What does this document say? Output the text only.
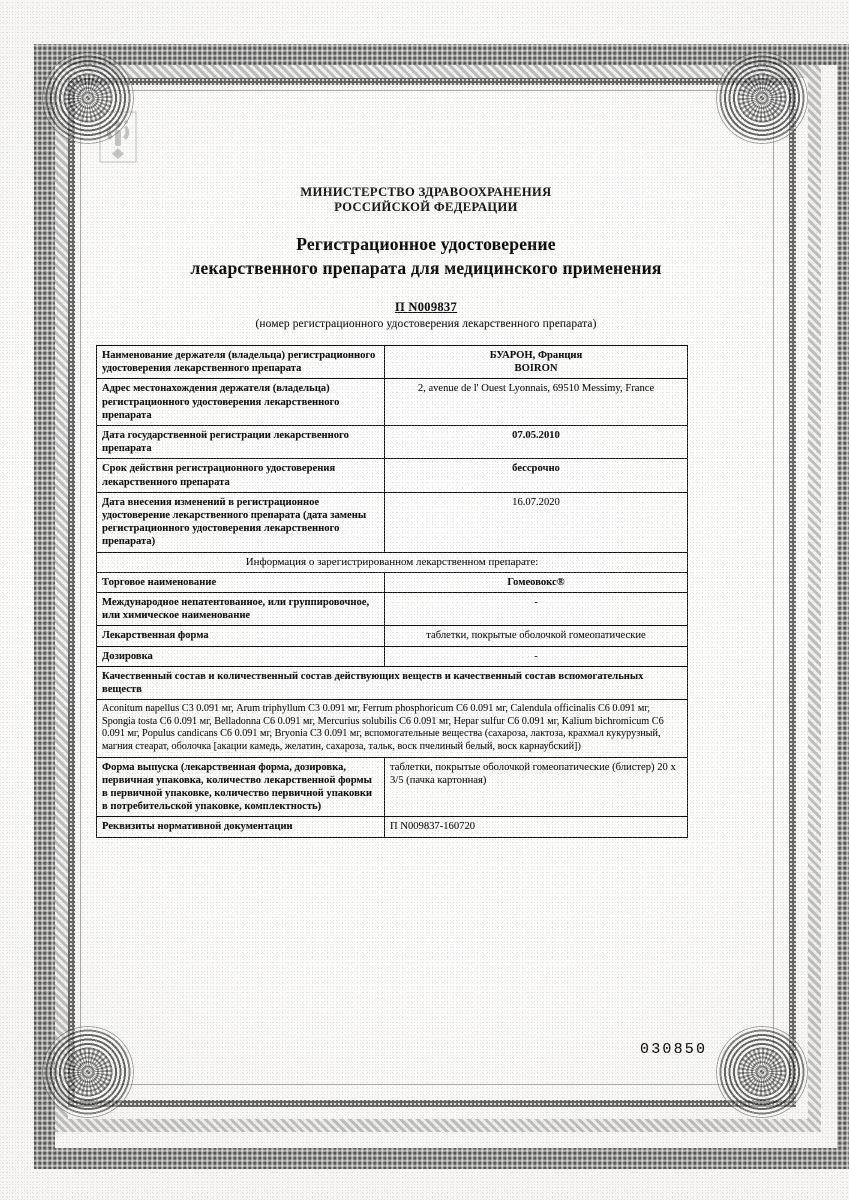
МИНИСТЕРСТВО ЗДРАВООХРАНЕНИЯ
РОССИЙСКОЙ ФЕДЕРАЦИИ
Регистрационное удостоверение
лекарственного препарата для медицинского применения
П N009837
(номер регистрационного удостоверения лекарственного препарата)
Наименование держателя (владельца) регистрационного удостоверения лекарственного препарата	БУАРОН, Франция
BOIRON
Адрес местонахождения держателя (владельца) регистрационного удостоверения лекарственного препарата	2, avenue de l' Ouest Lyonnais, 69510 Messimy, France
Дата государственной регистрации лекарственного препарата	07.05.2010
Срок действия регистрационного удостоверения лекарственного препарата	бессрочно
Дата внесения изменений в регистрационное удостоверение лекарственного препарата (дата замены регистрационного удостоверения лекарственного препарата)	16.07.2020
Информация о зарегистрированном лекарственном препарате:	
Торговое наименование	Гомеовокс®
Международное непатентованное, или группировочное, или химическое наименование	-
Лекарственная форма	таблетки, покрытые оболочкой гомеопатические
Дозировка	-
Качественный состав и количественный состав действующих веществ и качественный состав вспомогательных веществ	
Aconitum napellus C3 0.091 мг, Arum triphyllum C3 0.091 мг, Ferrum phosphoricum C6 0.091 мг, Calendula officinalis C6 0.091 мг, Spongia tosta C6 0.091 мг, Belladonna C6 0.091 мг, Mercurius solubilis C6 0.091 мг, Hepar sulfur C6 0.091 мг, Kalium bichromicum C6 0.091 мг, Populus candicans C6 0.091 мг, Bryonia C3 0.091 мг, вспомогательные вещества (сахароза, лактоза, крахмал кукурузный, магния стеарат, оболочка [акации камедь, желатин, сахароза, тальк, воск пчелиный белый, воск карнаубский])	
Форма выпуска (лекарственная форма, дозировка, первичная упаковка, количество лекарственной формы в первичной упаковке, количество первичной упаковки в потребительской упаковке, комплектность)	таблетки, покрытые оболочкой гомеопатические (блистер) 20 х 3/5 (пачка картонная)
Реквизиты нормативной документации	П N009837-160720
030850
